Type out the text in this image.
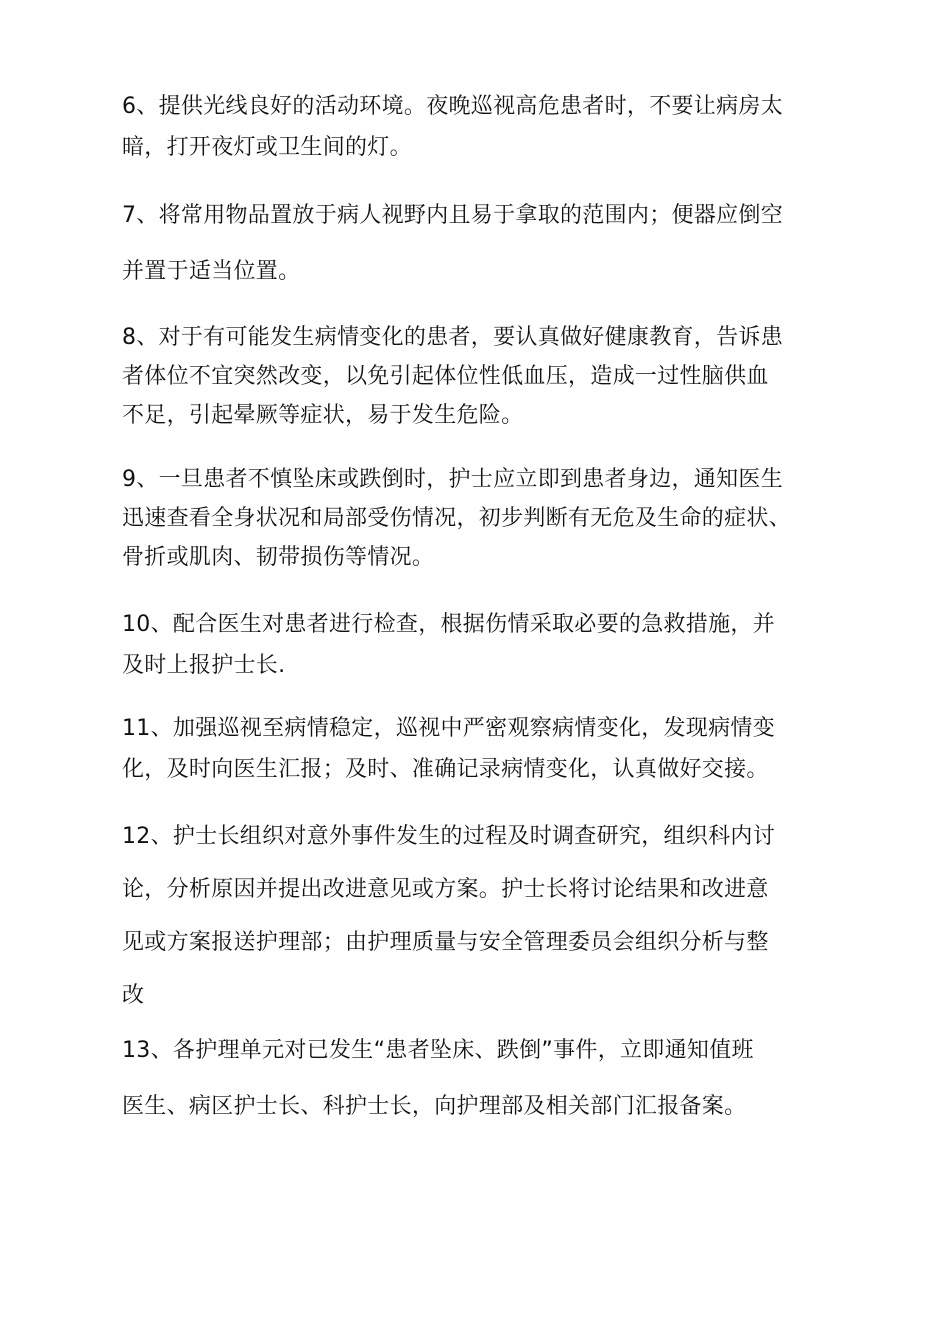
6、提供光线良好的活动环境。夜晚巡视高危患者时，不要让病房太
暗，打开夜灯或卫生间的灯。

7、将常用物品置放于病人视野内且易于拿取的范围内；便器应倒空
并置于适当位置。

8、对于有可能发生病情变化的患者，要认真做好健康教育，告诉患
者体位不宜突然改变，以免引起体位性低血压，造成一过性脑供血
不足，引起晕厥等症状，易于发生危险。

9、一旦患者不慎坠床或跌倒时，护士应立即到患者身边，通知医生
迅速查看全身状况和局部受伤情况，初步判断有无危及生命的症状、
骨折或肌肉、韧带损伤等情况。

10、配合医生对患者进行检查，根据伤情采取必要的急救措施，并
及时上报护士长.

11、加强巡视至病情稳定，巡视中严密观察病情变化，发现病情变
化，及时向医生汇报；及时、准确记录病情变化，认真做好交接。

12、护士长组织对意外事件发生的过程及时调查研究，组织科内讨
论，分析原因并提出改进意见或方案。护士长将讨论结果和改进意
见或方案报送护理部；由护理质量与安全管理委员会组织分析与整
改

13、各护理单元对已发生“患者坠床、跌倒”事件，立即通知值班
医生、病区护士长、科护士长，向护理部及相关部门汇报备案。
